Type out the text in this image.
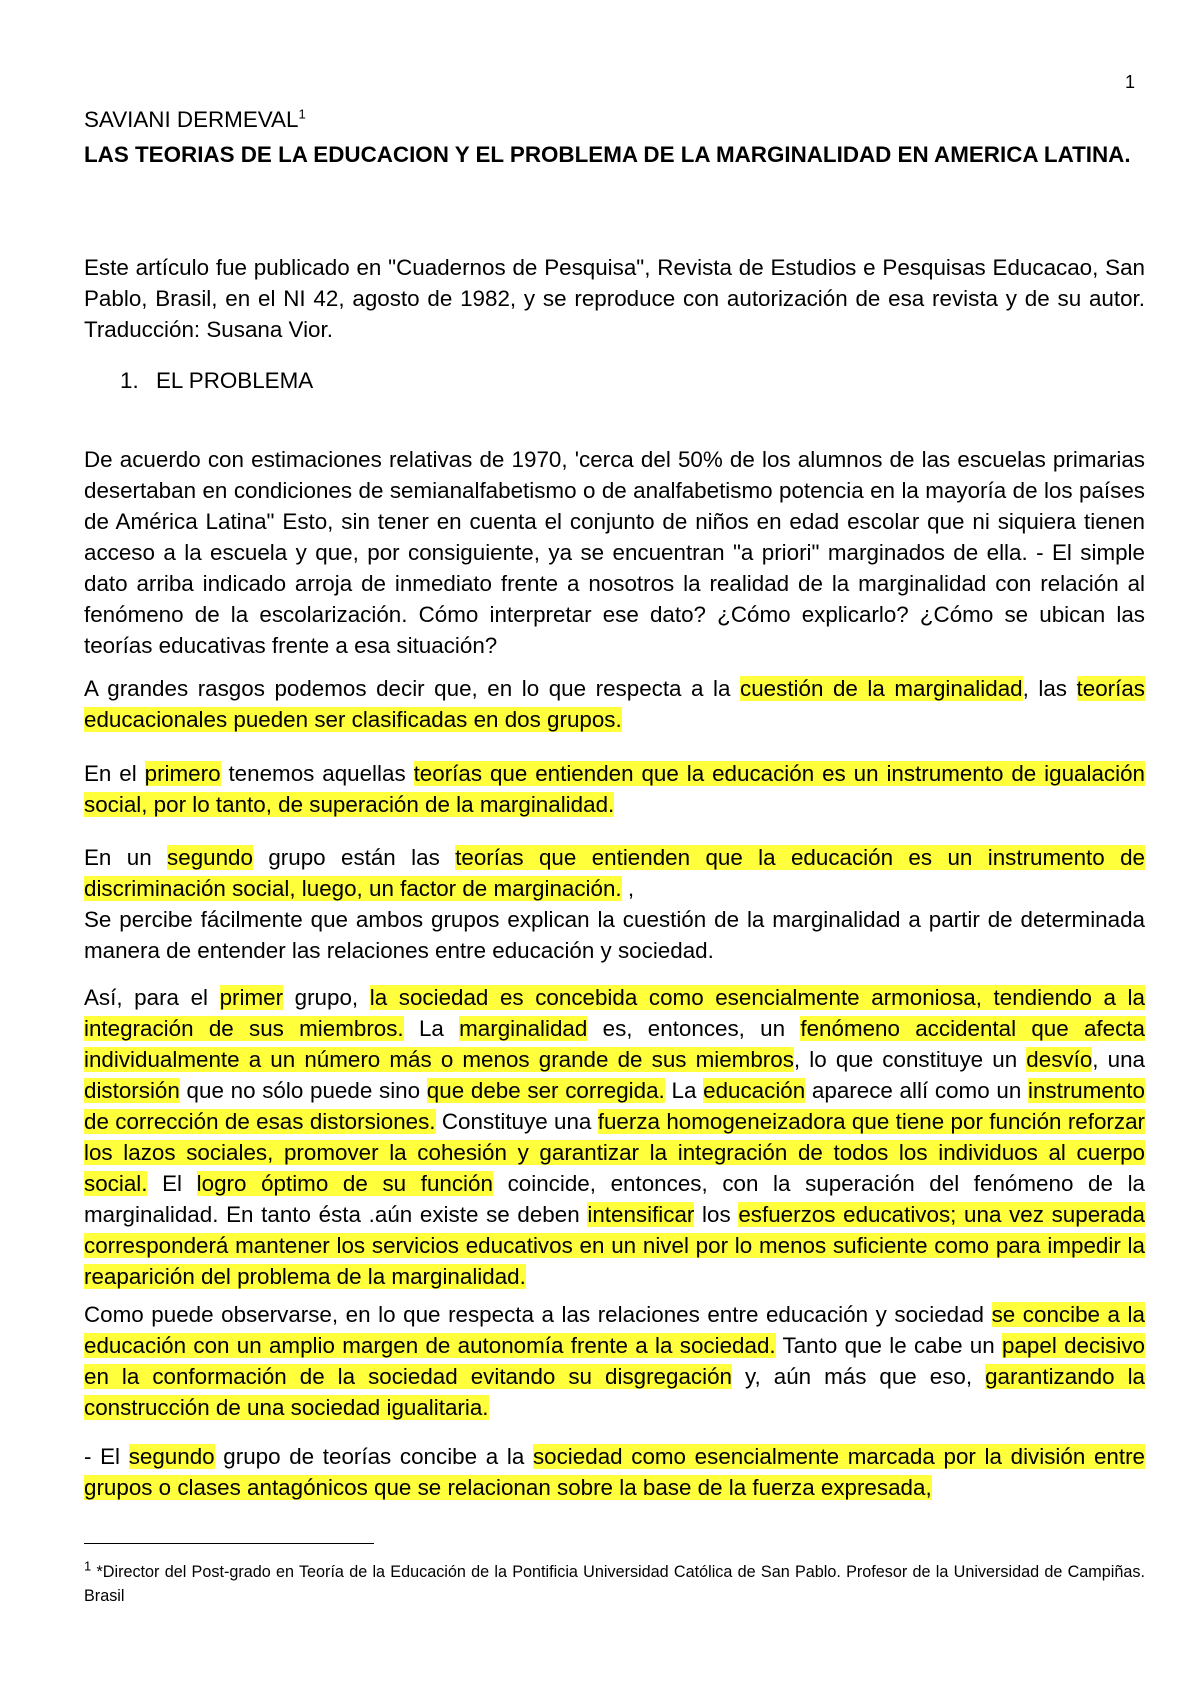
1
SAVIANI DERMEVAL$^1$
LAS TEORIAS DE LA EDUCACION Y EL PROBLEMA DE LA MARGINALIDAD EN AMERICA LATINA.
Este artículo fue publicado en "Cuadernos de Pesquisa", Revista de Estudios e Pesquisas Educacao, San Pablo, Brasil, en el NI 42, agosto de 1982, y se reproduce con autorización de esa revista y de su autor. Traducción: Susana Vior.
1. EL PROBLEMA
De acuerdo con estimaciones relativas de 1970, 'cerca del 50% de los alumnos de las escuelas primarias desertaban en condiciones de semianalfabetismo o de analfabetismo potencia en la mayoría de los países de América Latina" Esto, sin tener en cuenta el conjunto de niños en edad escolar que ni siquiera tienen acceso a la escuela y que, por consiguiente, ya se encuentran "a priori" marginados de ella. - El simple dato arriba indicado arroja de inmediato frente a nosotros la realidad de la marginalidad con relación al fenómeno de la escolarización. Cómo interpretar ese dato? ¿Cómo explicarlo? ¿Cómo se ubican las teorías educativas frente a esa situación?
A grandes rasgos podemos decir que, en lo que respecta a la cuestión de la marginalidad, las teorías educacionales pueden ser clasificadas en dos grupos.
En el primero tenemos aquellas teorías que entienden que la educación es un instrumento de igualación social, por lo tanto, de superación de la marginalidad.
En un segundo grupo están las teorías que entienden que la educación es un instrumento de discriminación social, luego, un factor de marginación. ,
Se percibe fácilmente que ambos grupos explican la cuestión de la marginalidad a partir de determinada manera de entender las relaciones entre educación y sociedad.
Así, para el primer grupo, la sociedad es concebida como esencialmente armoniosa, tendiendo a la integración de sus miembros. La marginalidad es, entonces, un fenómeno accidental que afecta individualmente a un número más o menos grande de sus miembros, lo que constituye un desvío, una distorsión que no sólo puede sino que debe ser corregida. La educación aparece allí como un instrumento de corrección de esas distorsiones. Constituye una fuerza homogeneizadora que tiene por función reforzar los lazos sociales, promover la cohesión y garantizar la integración de todos los individuos al cuerpo social. El logro óptimo de su función coincide, entonces, con la superación del fenómeno de la marginalidad. En tanto ésta .aún existe se deben intensificar los esfuerzos educativos; una vez superada corresponderá mantener los servicios educativos en un nivel por lo menos suficiente como para impedir la reaparición del problema de la marginalidad.
Como puede observarse, en lo que respecta a las relaciones entre educación y sociedad se concibe a la educación con un amplio margen de autonomía frente a la sociedad. Tanto que le cabe un papel decisivo en la conformación de la sociedad evitando su disgregación y, aún más que eso, garantizando la construcción de una sociedad igualitaria.
- El segundo grupo de teorías concibe a la sociedad como esencialmente marcada por la división entre grupos o clases antagónicos que se relacionan sobre la base de la fuerza expresada,
$^1$ *Director del Post-grado en Teoría de la Educación de la Pontificia Universidad Católica de San Pablo. Profesor de la Universidad de Campiñas. Brasil
